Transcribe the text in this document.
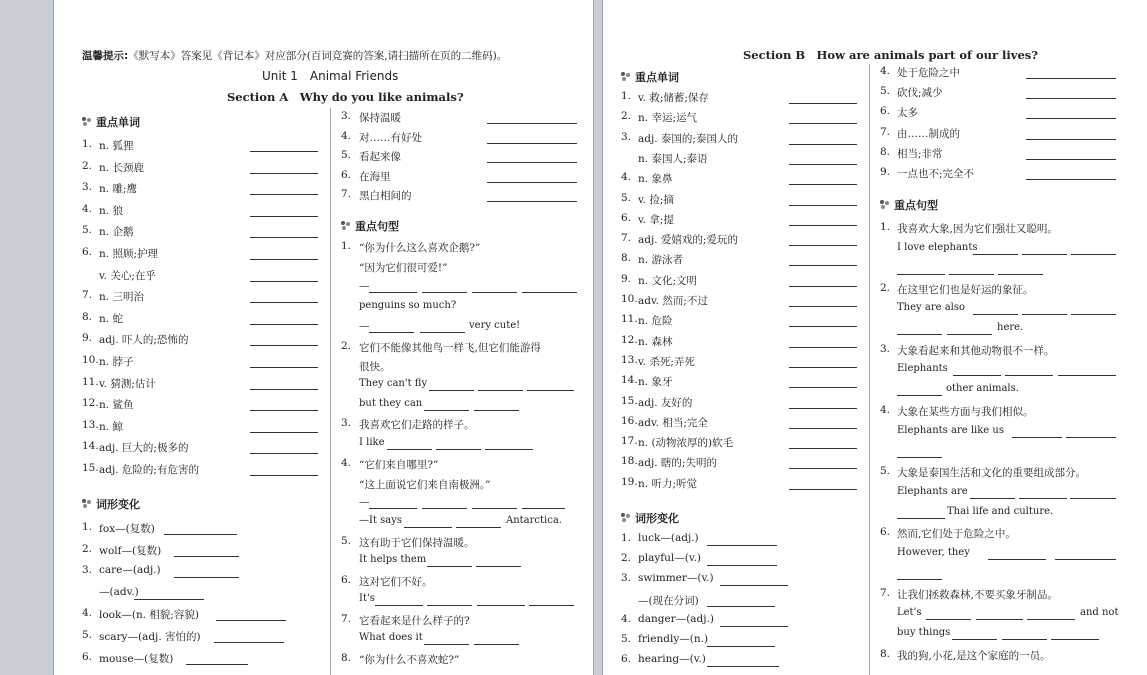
温馨提示:《默写本》答案见《背记本》对应部分(百词竞赛的答案,请扫描所在页的二维码)。
Unit 1　Animal Friends
Section A　Why do you like animals?
重点单词
1. n. 狐狸
2. n. 长颈鹿
3. n. 雕;鹰
4. n. 狼
5. n. 企鹅
6. n. 照顾;护理
v. 关心;在乎
7. n. 三明治
8. n. 蛇
9. adj. 吓人的;恐怖的
10. n. 脖子
11. v. 猜测;估计
12. n. 鲨鱼
13. n. 鲸
14. adj. 巨大的;极多的
15. adj. 危险的;有危害的
词形变化
1. fox—(复数)
2. wolf—(复数)
3. care—(adj.)
—(adv.)
4. look—(n. 相貌;容貌)
5. scary—(adj. 害怕的)
6. mouse—(复数)
3. 保持温暖
4. 对……有好处
5. 看起来像
6. 在海里
7. 黑白相间的
重点句型
1. “你为什么这么喜欢企鹅?”
“因为它们很可爱!”
—
penguins so much?
—	very cute!
2. 它们不能像其他鸟一样飞,但它们能游得
很快。
They can't fly
but they can
3. 我喜欢它们走路的样子。
I like
4. “它们来自哪里?”
“这上面说它们来自南极洲。”
—
—It says	Antarctica.
5. 这有助于它们保持温暖。
It helps them
6. 这对它们不好。
It's
7. 它看起来是什么样子的?
What does it
8. “你为什么不喜欢蛇?”
Section B　How are animals part of our lives?
重点单词
1. v. 救;储蓄;保存
2. n. 幸运;运气
3. adj. 泰国的;泰国人的
n. 泰国人;泰语
4. n. 象鼻
5. v. 捡;摘
6. v. 拿;提
7. adj. 爱嬉戏的;爱玩的
8. n. 游泳者
9. n. 文化;文明
10. adv. 然而;不过
11. n. 危险
12. n. 森林
13. v. 杀死;弄死
14. n. 象牙
15. adj. 友好的
16. adv. 相当;完全
17. n. (动物浓厚的)软毛
18. adj. 瞎的;失明的
19. n. 听力;听觉
词形变化
1. luck—(adj.)
2. playful—(v.)
3. swimmer—(v.)
—(现在分词)
4. danger—(adj.)
5. friendly—(n.)
6. hearing—(v.)
4. 处于危险之中
5. 砍伐;减少
6. 太多
7. 由……制成的
8. 相当;非常
9. 一点也不;完全不
重点句型
1. 我喜欢大象,因为它们强壮又聪明。
I love elephants
2. 在这里它们也是好运的象征。
They are also
here.
3. 大象看起来和其他动物很不一样。
Elephants
other animals.
4. 大象在某些方面与我们相似。
Elephants are like us
5. 大象是泰国生活和文化的重要组成部分。
Elephants are
Thai life and culture.
6. 然而,它们处于危险之中。
However, they
7. 让我们拯救森林,不要买象牙制品。
Let's	and not
buy things
8. 我的狗,小花,是这个家庭的一员。
